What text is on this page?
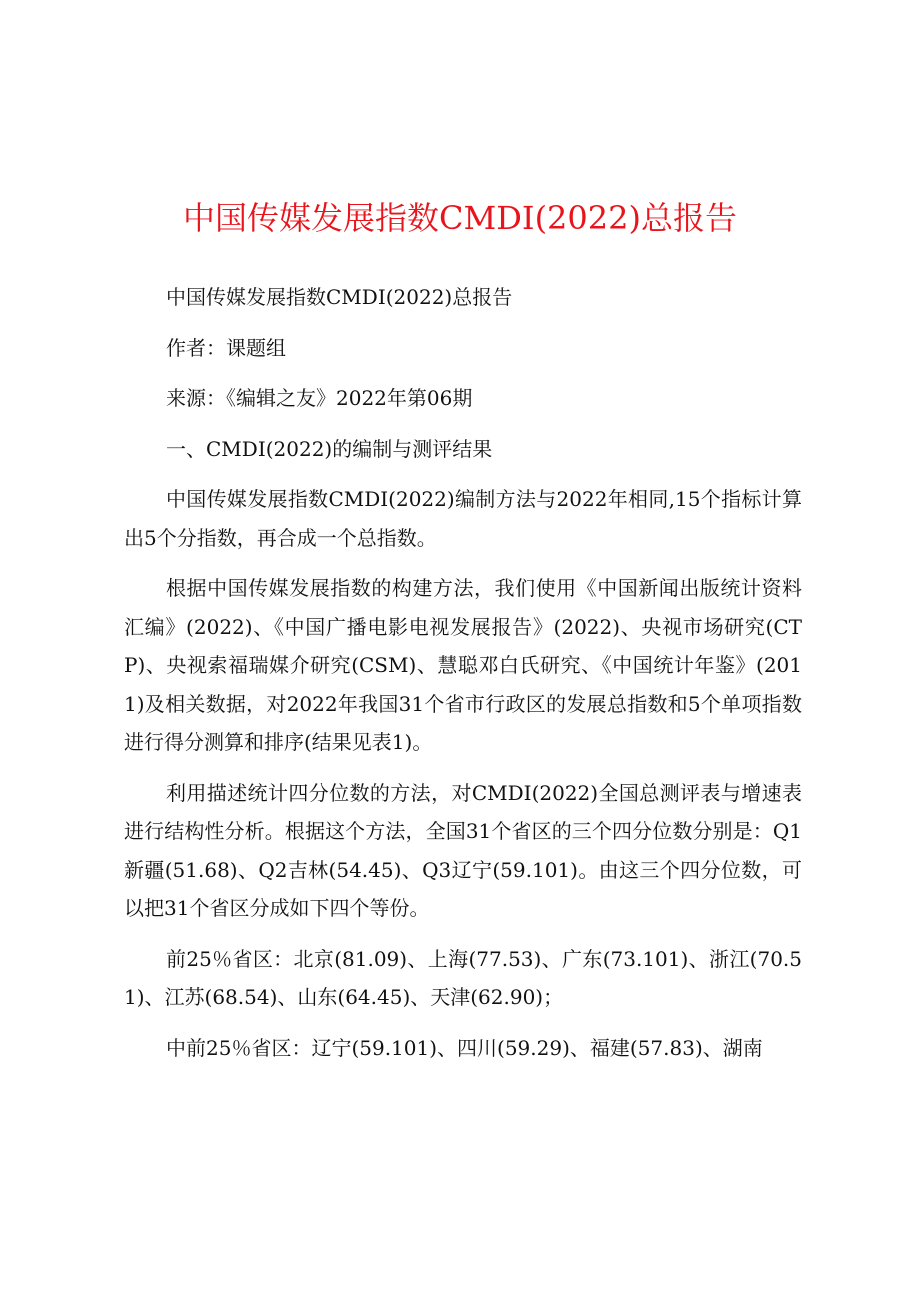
中国传媒发展指数CMDI(2022)总报告

中国传媒发展指数CMDI(2022)总报告

作者：课题组

来源：《编辑之友》2022年第06期

一、CMDI(2022)的编制与测评结果

中国传媒发展指数CMDI(2022)编制方法与2022年相同,15个指标计算出5个分指数，再合成一个总指数。

根据中国传媒发展指数的构建方法，我们使用《中国新闻出版统计资料汇编》(2022)、《中国广播电影电视发展报告》(2022)、央视市场研究(CTP)、央视索福瑞媒介研究(CSM)、慧聪邓白氏研究、《中国统计年鉴》(201 1)及相关数据，对2022年我国31个省市行政区的发展总指数和5个单项指数进行得分测算和排序(结果见表1)。

利用描述统计四分位数的方法，对CMDI(2022)全国总测评表与增速表进行结构性分析。根据这个方法，全国31个省区的三个四分位数分别是：Q1新疆(51.68)、Q2吉林(54.45)、Q3辽宁(59.101)。由这三个四分位数，可以把31个省区分成如下四个等份。

前25％省区：北京(81.09)、上海(77.53)、广东(73.101)、浙江(70.51)、江苏(68.54)、山东(64.45)、天津(62.90)；

中前25％省区：辽宁(59.101)、四川(59.29)、福建(57.83)、湖南
